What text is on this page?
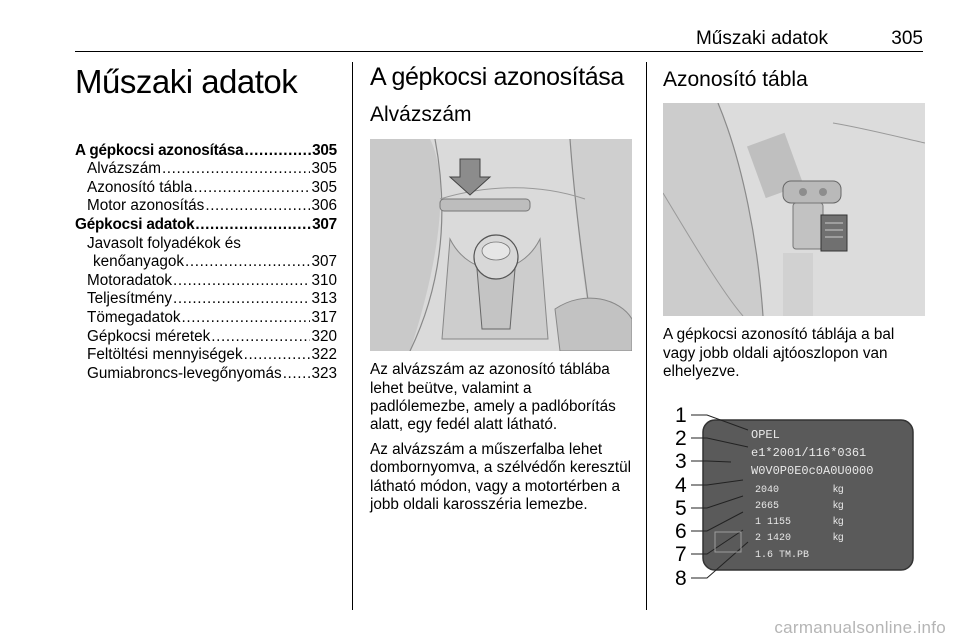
Műszaki adatok	305
Műszaki adatok
A gépkocsi azonosítása .....	305
Alvázszám .....	305
Azonosító tábla .....	305
Motor azonosítás .....	306
Gépkocsi adatok .....	307
Javasolt folyadékok és
kenőanyagok .....	307
Motoradatok .....	310
Teljesítmény .....	313
Tömegadatok .....	317
Gépkocsi méretek .....	320
Feltöltési mennyiségek .....	322
Gumiabroncs-levegőnyomás ..... 323
A gépkocsi azonosítása
Alvázszám

Az alvázszám az azonosító táblába lehet beütve, valamint a padlólemezbe, amely a padlóborítás alatt, egy fedél alatt látható.

Az alvázszám a műszerfalba lehet dombornyomva, a szélvédőn keresztül látható módon, vagy a motortérben a jobb oldali karosszéria lemezbe.

Azonosító tábla

A gépkocsi azonosító táblája a bal vagy jobb oldali ajtóoszlopon van elhelyezve.

1
2
3
4
5
6
7
8
OPEL
e1*2001/116*0361
W0V0P0E0c0A0U0000
2040
2665
1 1155
2 1420
1.6 TM.PB
kg
kg
kg
kg
carmanualsonline.info
